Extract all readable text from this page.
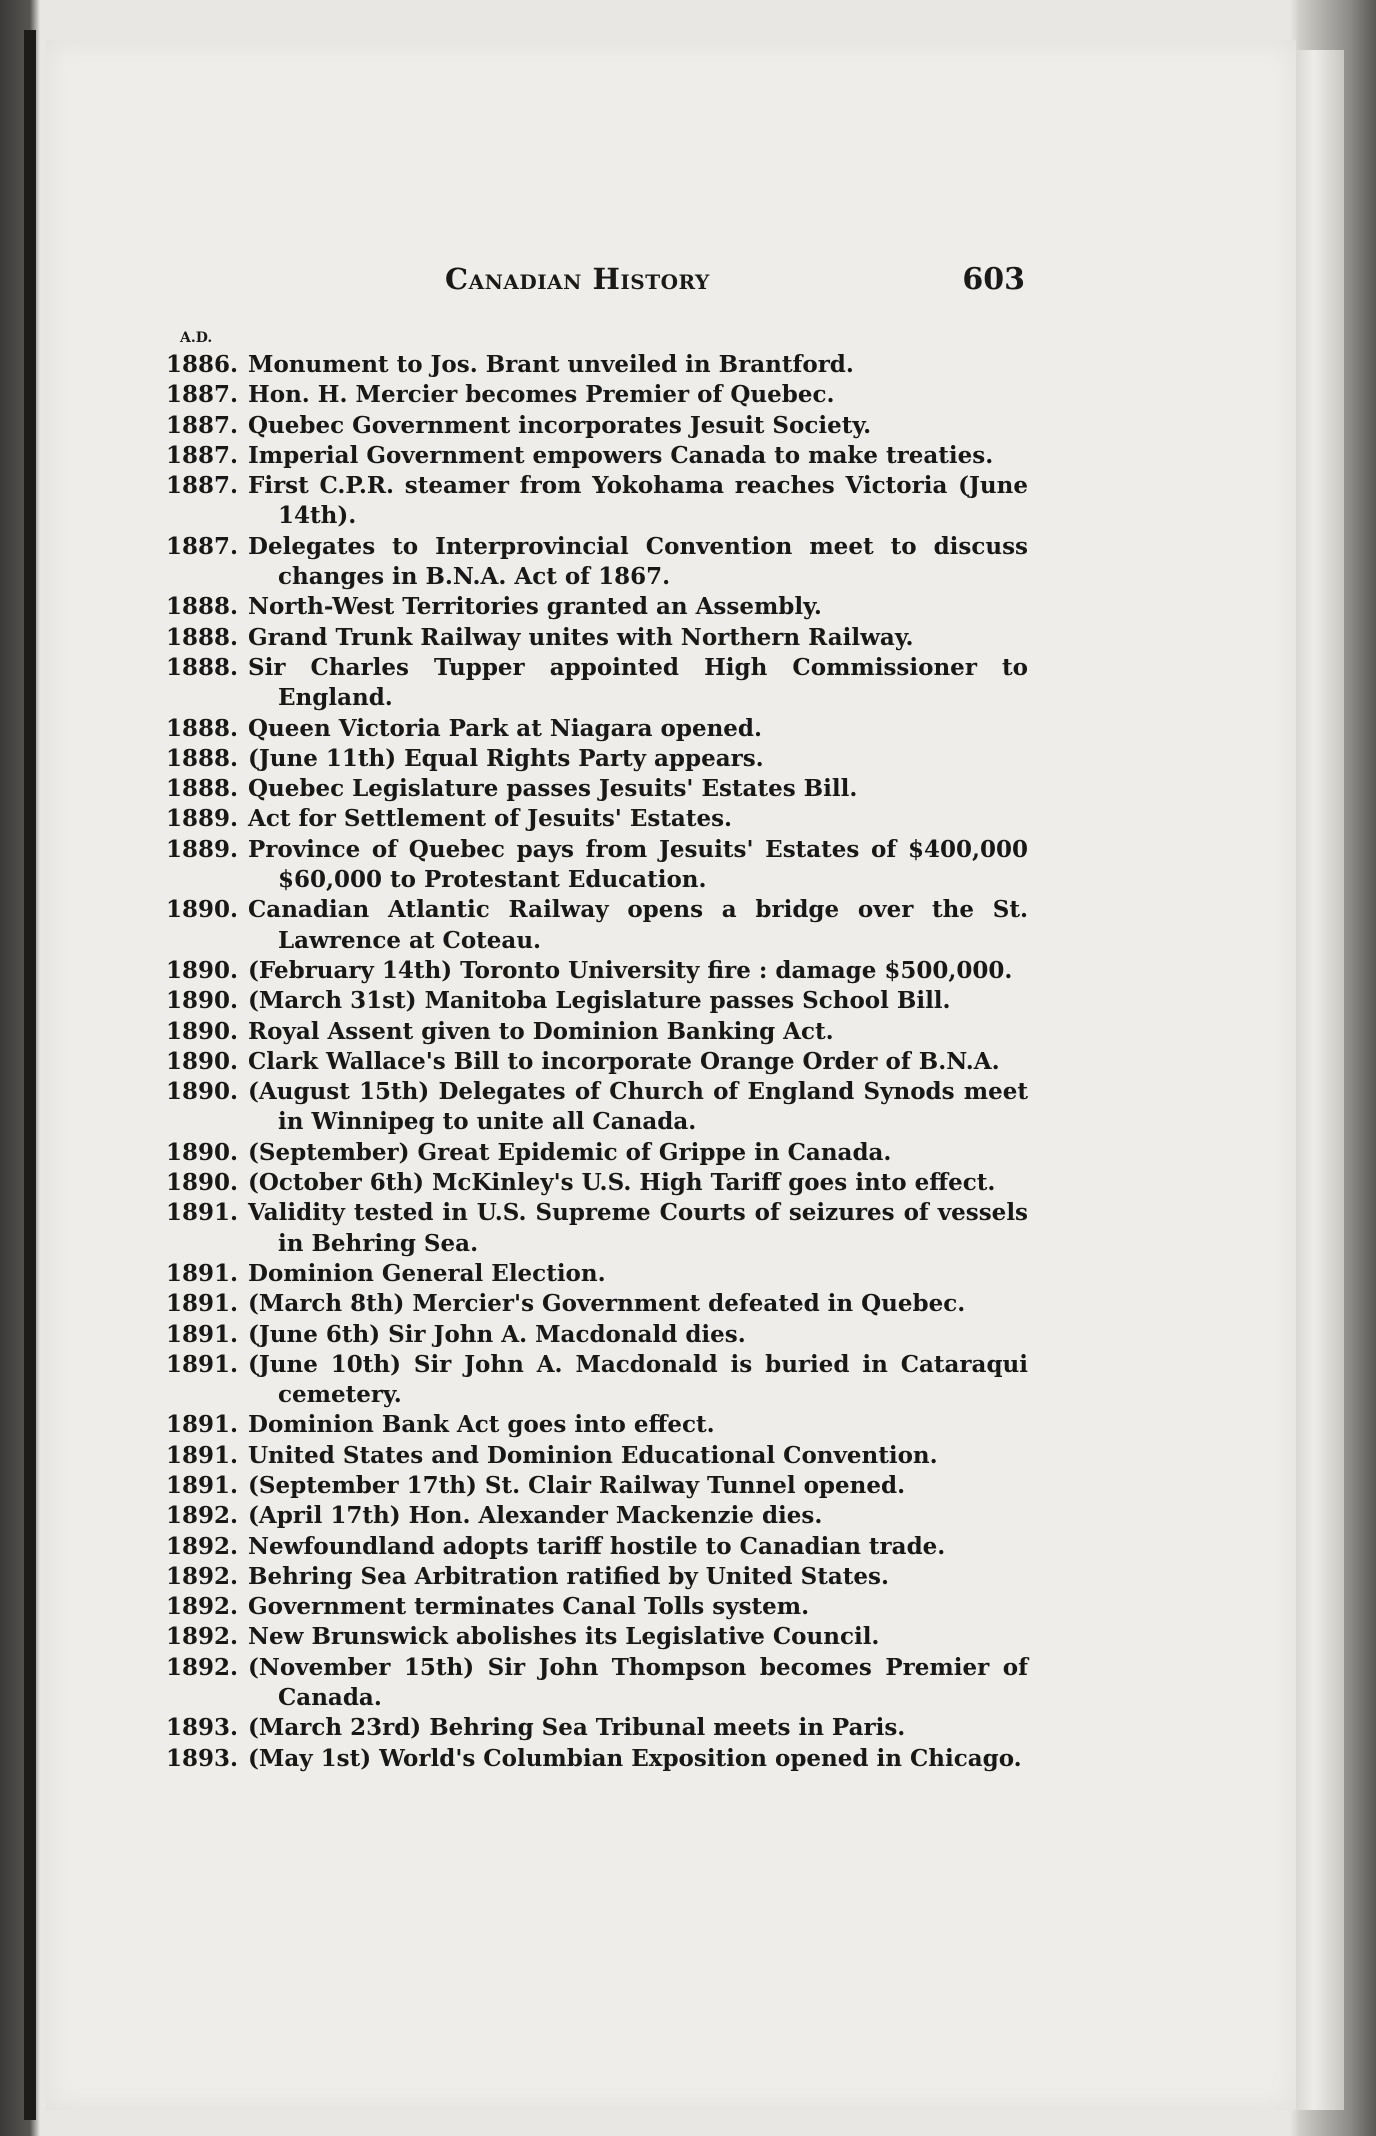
Canadian History	603
A.D.
1886. Monument to Jos. Brant unveiled in Brantford.
1887. Hon. H. Mercier becomes Premier of Quebec.
1887. Quebec Government incorporates Jesuit Society.
1887. Imperial Government empowers Canada to make treaties.
1887. First C.P.R. steamer from Yokohama reaches Victoria (June 14th).
1887. Delegates to Interprovincial Convention meet to discuss changes in B.N.A. Act of 1867.
1888. North-West Territories granted an Assembly.
1888. Grand Trunk Railway unites with Northern Railway.
1888. Sir Charles Tupper appointed High Commissioner to England.
1888. Queen Victoria Park at Niagara opened.
1888. (June 11th) Equal Rights Party appears.
1888. Quebec Legislature passes Jesuits' Estates Bill.
1889. Act for Settlement of Jesuits' Estates.
1889. Province of Quebec pays from Jesuits' Estates of $400,000 $60,000 to Protestant Education.
1890. Canadian Atlantic Railway opens a bridge over the St. Lawrence at Coteau.
1890. (February 14th) Toronto University fire : damage $500,000.
1890. (March 31st) Manitoba Legislature passes School Bill.
1890. Royal Assent given to Dominion Banking Act.
1890. Clark Wallace's Bill to incorporate Orange Order of B.N.A.
1890. (August 15th) Delegates of Church of England Synods meet in Winnipeg to unite all Canada.
1890. (September) Great Epidemic of Grippe in Canada.
1890. (October 6th) McKinley's U.S. High Tariff goes into effect.
1891. Validity tested in U.S. Supreme Courts of seizures of vessels in Behring Sea.
1891. Dominion General Election.
1891. (March 8th) Mercier's Government defeated in Quebec.
1891. (June 6th) Sir John A. Macdonald dies.
1891. (June 10th) Sir John A. Macdonald is buried in Cataraqui cemetery.
1891. Dominion Bank Act goes into effect.
1891. United States and Dominion Educational Convention.
1891. (September 17th) St. Clair Railway Tunnel opened.
1892. (April 17th) Hon. Alexander Mackenzie dies.
1892. Newfoundland adopts tariff hostile to Canadian trade.
1892. Behring Sea Arbitration ratified by United States.
1892. Government terminates Canal Tolls system.
1892. New Brunswick abolishes its Legislative Council.
1892. (November 15th) Sir John Thompson becomes Premier of Canada.
1893. (March 23rd) Behring Sea Tribunal meets in Paris.
1893. (May 1st) World's Columbian Exposition opened in Chicago.
